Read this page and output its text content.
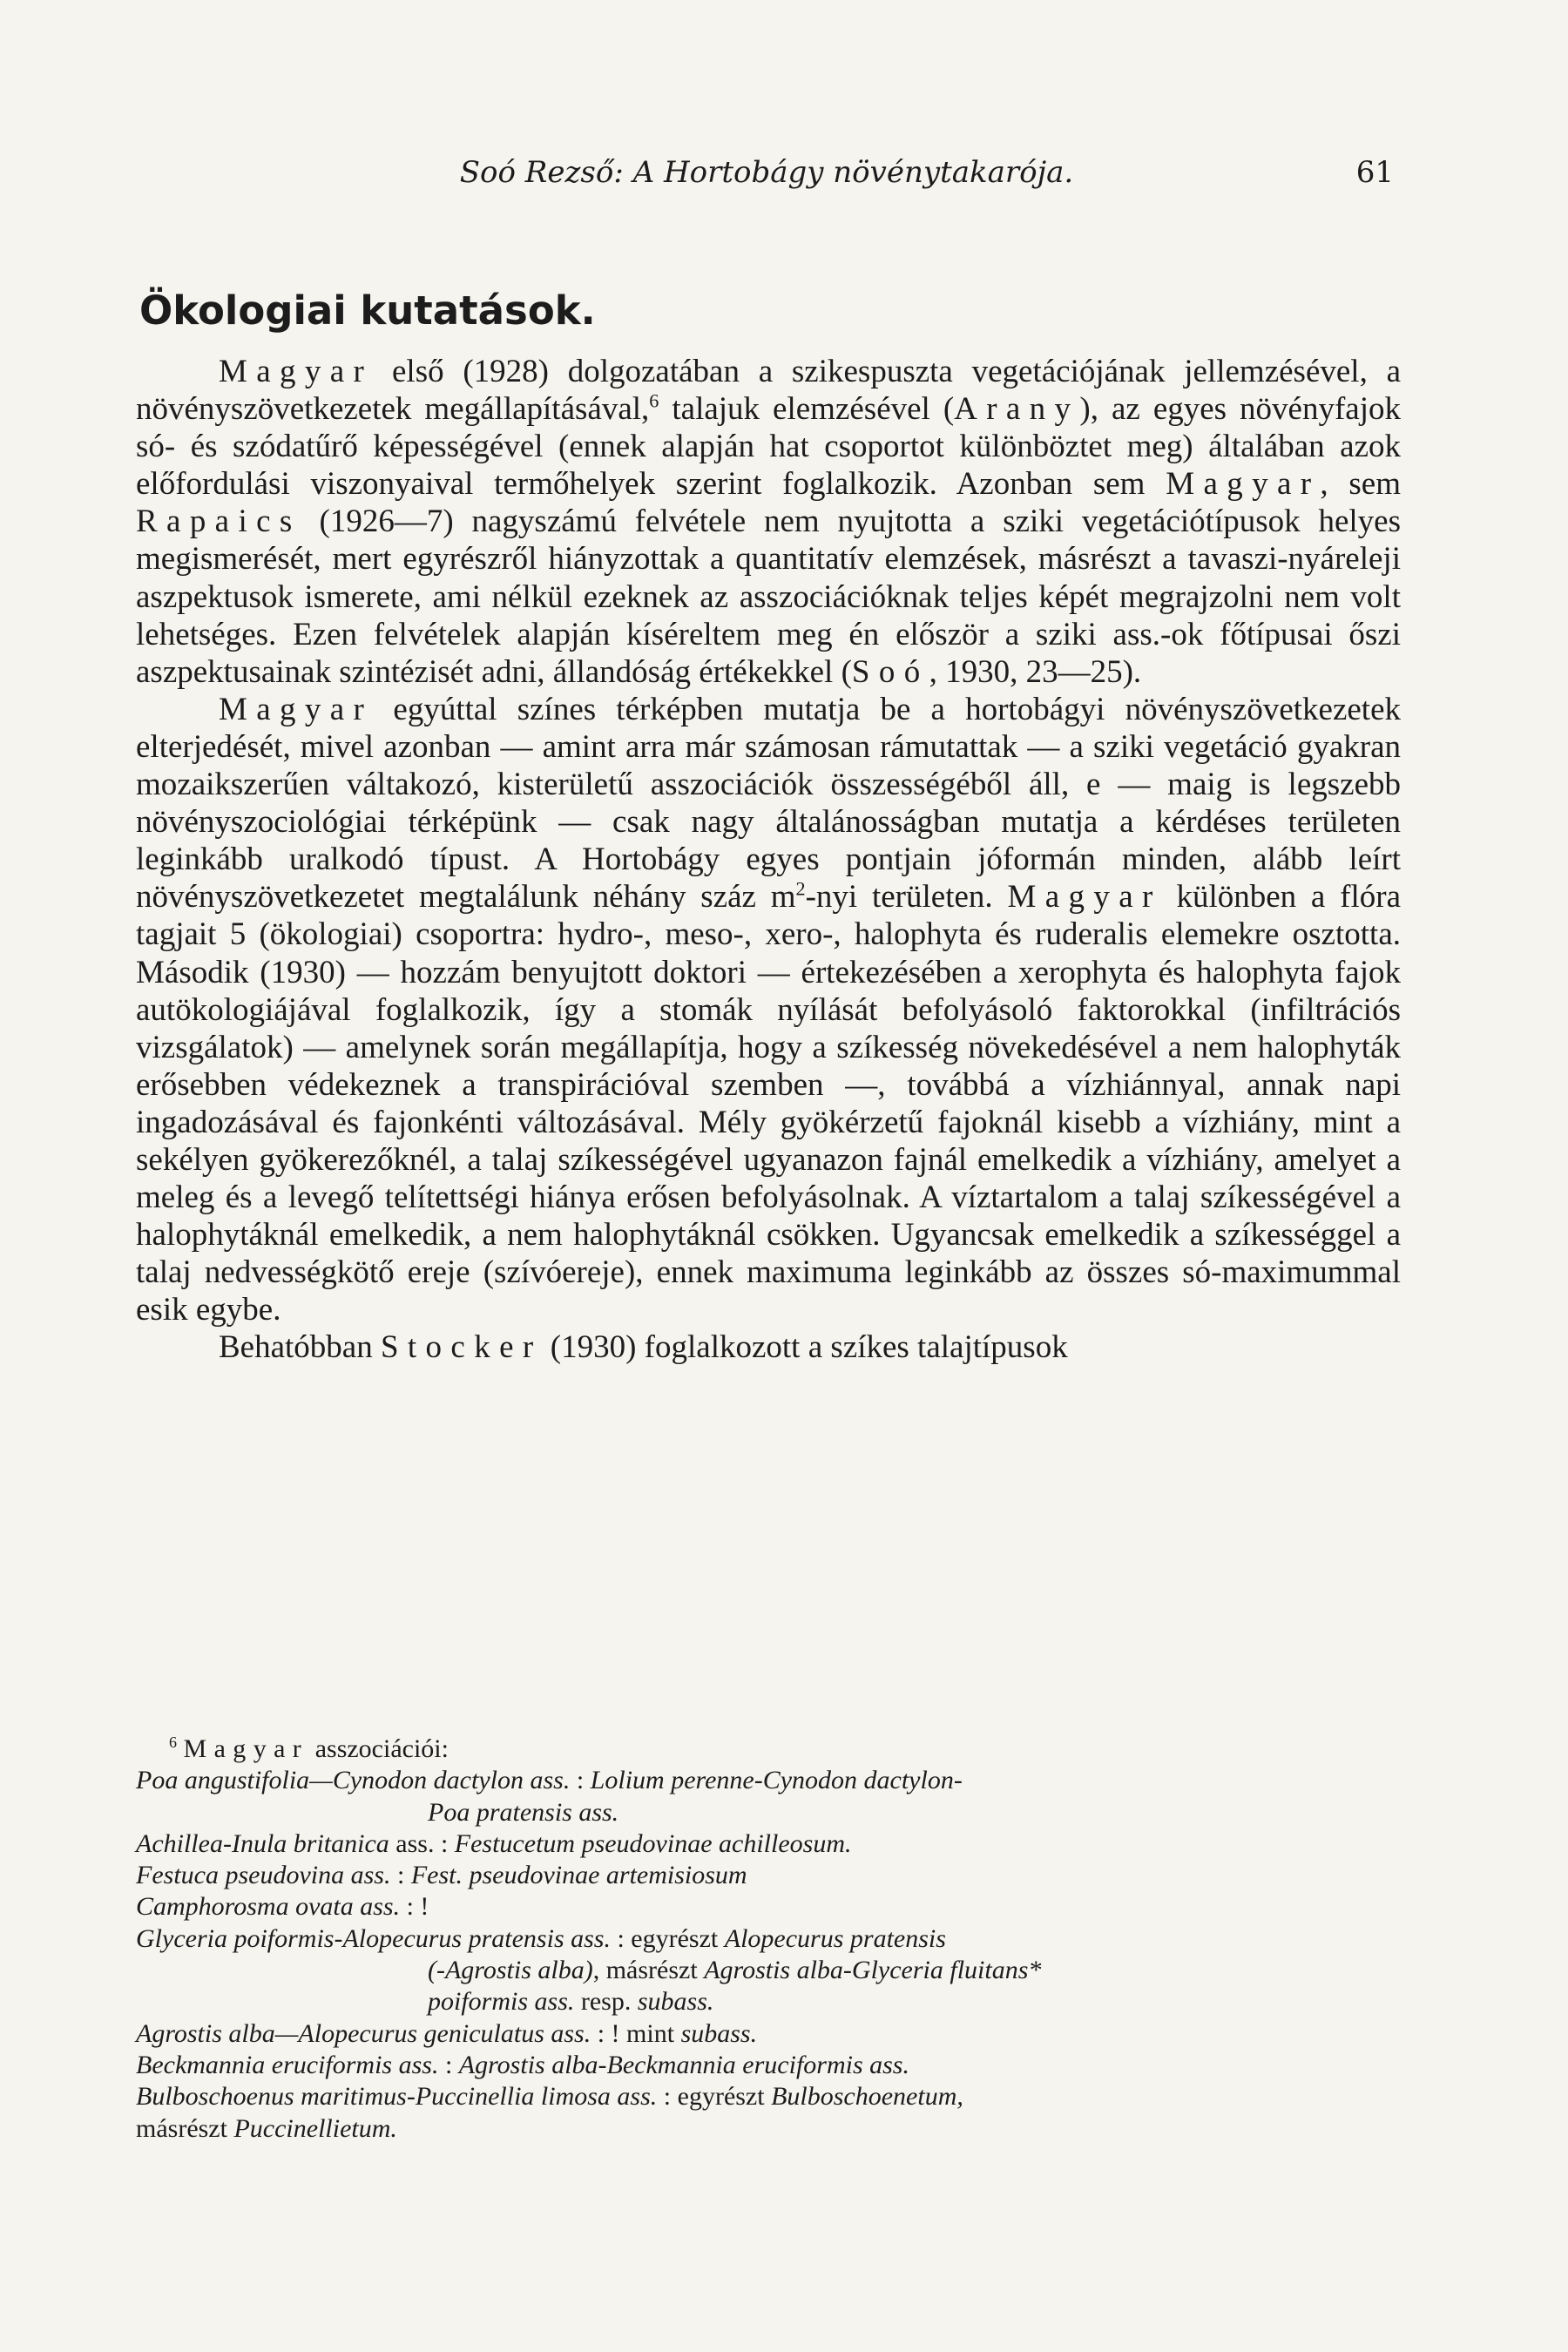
Soó Rezső: A Hortobágy növénytakarója.	61
Ökologiai kutatások.

Magyar első (1928) dolgozatában a szikespuszta vegetációjának jellemzésével, a növényszövetkezetek megállapításával,$^6$ talajuk elemzésével (Arany), az egyes növényfajok só- és szódatűrő képességével (ennek alapján hat csoportot különböztet meg) általában azok előfordulási viszonyaival termőhelyek szerint foglalkozik. Azonban sem Magyar, sem Rapaics (1926—7) nagyszámú felvétele nem nyujtotta a sziki vegetációtípusok helyes megismerését, mert egyrészről hiányzottak a quantitatív elemzések, másrészt a tavaszi-nyáreleji aszpektusok ismerete, ami nélkül ezeknek az asszociációknak teljes képét megrajzolni nem volt lehetséges. Ezen felvételek alapján kíséreltem meg én először a sziki ass.-ok főtípusai őszi aszpektusainak szintézisét adni, állandóság értékekkel (Soó, 1930, 23—25).

Magyar egyúttal színes térképben mutatja be a hortobágyi növényszövetkezetek elterjedését, mivel azonban — amint arra már számosan rámutattak — a sziki vegetáció gyakran mozaikszerűen váltakozó, kisterületű asszociációk összességéből áll, e — maig is legszebb növényszociológiai térképünk — csak nagy általánosságban mutatja a kérdéses területen leginkább uralkodó típust. A Hortobágy egyes pontjain jóformán minden, alább leírt növényszövetkezetet megtalálunk néhány száz $m^2$-nyi területen. Magyar különben a flóra tagjait 5 (ökologiai) csoportra: hydro-, meso-, xero-, halophyta és ruderalis elemekre osztotta. Második (1930) — hozzám benyujtott doktori — értekezésében a xerophyta és halophyta fajok autökologiájával foglalkozik, így a stomák nyílását befolyásoló faktorokkal (infiltrációs vizsgálatok) — amelynek során megállapítja, hogy a szíkesség növekedésével a nem halophyták erősebben védekeznek a transpirációval szemben —, továbbá a vízhiánnyal, annak napi ingadozásával és fajonkénti változásával. Mély gyökérzetű fajoknál kisebb a vízhiány, mint a sekélyen gyökerezőknél, a talaj szíkességével ugyanazon fajnál emelkedik a vízhiány, amelyet a meleg és a levegő telítettségi hiánya erősen befolyásolnak. A víztartalom a talaj szíkességével a halophytáknál emelkedik, a nem halophytáknál csökken. Ugyancsak emelkedik a szíkességgel a talaj nedvességkötő ereje (szívóereje), ennek maximuma leginkább az összes só-maximummal esik egybe.

Behatóbban Stocker (1930) foglalkozott a szíkes talajtípusok

$^6$ Magyar asszociációi:
Poa angustifolia—Cynodon dactylon ass. : Lolium perenne-Cynodon dactylon-
Poa pratensis ass.
Achillea-Inula britanica ass. : Festucetum pseudovinae achilleosum.
Festuca pseudovina ass. : Fest. pseudovinae artemisiosum
Camphorosma ovata ass. : !
Glyceria poiformis-Alopecurus pratensis ass. : egyrészt Alopecurus pratensis
(-Agrostis alba), másrészt Agrostis alba-Glyceria fluitans*
poiformis ass. resp. subass.
Agrostis alba—Alopecurus geniculatus ass. : ! mint subass.
Beckmannia eruciformis ass. : Agrostis alba-Beckmannia eruciformis ass.
Bulboschoenus maritimus-Puccinellia limosa ass. : egyrészt Bulboschoenetum,
másrészt Puccinellietum.
